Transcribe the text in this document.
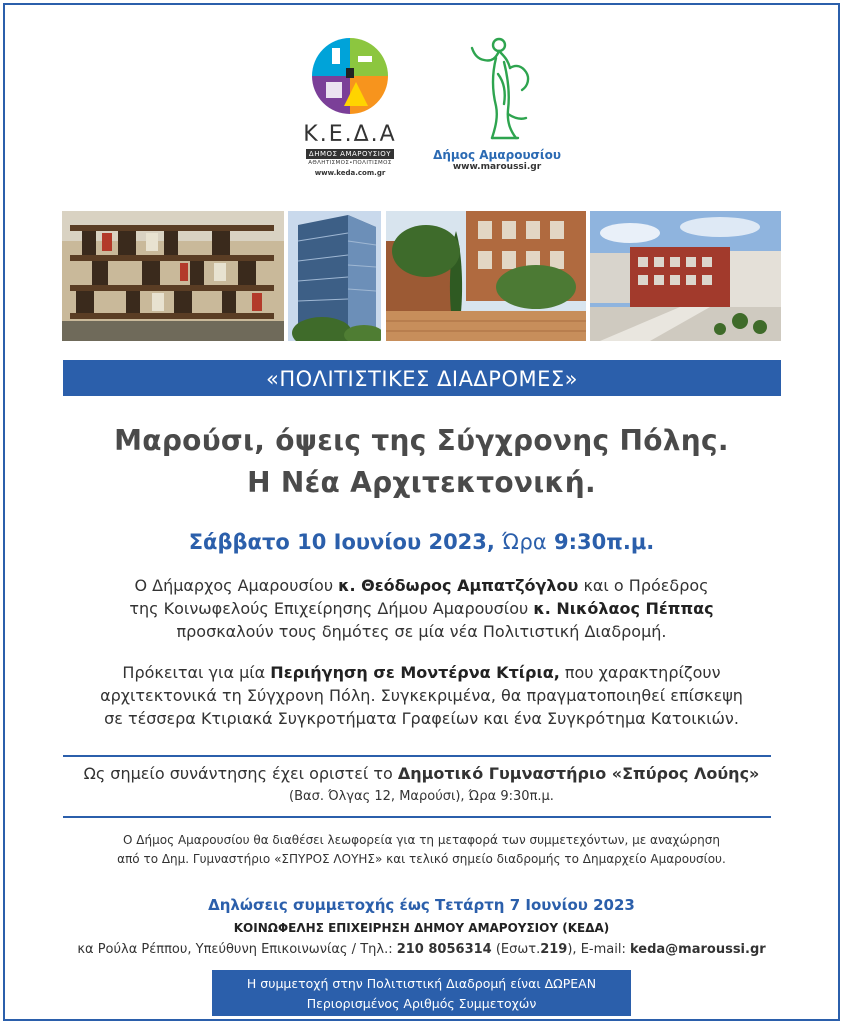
Κ.Ε.Δ.Α
ΔΗΜΟΣ ΑΜΑΡΟΥΣΙΟΥ
ΑΘΛΗΤΙΣΜΟΣ•ΠΟΛΙΤΙΣΜΟΣ
www.keda.com.gr
Δήμος Αμαρουσίου
www.maroussi.gr
«ΠΟΛΙΤΙΣΤΙΚΕΣ ΔΙΑΔΡΟΜΕΣ»
Μαρούσι, όψεις της Σύγχρονης Πόλης.
Η Νέα Αρχιτεκτονική.
Σάββατο 10 Ιουνίου 2023, Ώρα 9:30π.μ.
Ο Δήμαρχος Αμαρουσίου κ. Θεόδωρος Αμπατζόγλου και ο Πρόεδρος
της Κοινωφελούς Επιχείρησης Δήμου Αμαρουσίου κ. Νικόλαος Πέππας
προσκαλούν τους δημότες σε μία νέα Πολιτιστική Διαδρομή.
Πρόκειται για μία Περιήγηση σε Μοντέρνα Κτίρια, που χαρακτηρίζουν
αρχιτεκτονικά τη Σύγχρονη Πόλη. Συγκεκριμένα, θα πραγματοποιηθεί επίσκεψη
σε τέσσερα Κτιριακά Συγκροτήματα Γραφείων και ένα Συγκρότημα Κατοικιών.
Ως σημείο συνάντησης έχει οριστεί το Δημοτικό Γυμναστήριο «Σπύρος Λούης»
(Βασ. Όλγας 12, Μαρούσι), Ώρα 9:30π.μ.
Ο Δήμος Αμαρουσίου θα διαθέσει λεωφορεία για τη μεταφορά των συμμετεχόντων, με αναχώρηση
από το Δημ. Γυμναστήριο «ΣΠΥΡΟΣ ΛΟΥΗΣ» και τελικό σημείο διαδρομής το Δημαρχείο Αμαρουσίου.
Δηλώσεις συμμετοχής έως Τετάρτη 7 Ιουνίου 2023
ΚΟΙΝΩΦΕΛΗΣ ΕΠΙΧΕΙΡΗΣΗ ΔΗΜΟΥ ΑΜΑΡΟΥΣΙΟΥ (ΚΕΔΑ)
κα Ρούλα Ρέππου, Υπεύθυνη Επικοινωνίας / Τηλ.: 210 8056314 (Εσωτ.219), E-mail: keda@maroussi.gr
Η συμμετοχή στην Πολιτιστική Διαδρομή είναι ΔΩΡΕΑΝ
Περιορισμένος Αριθμός Συμμετοχών
